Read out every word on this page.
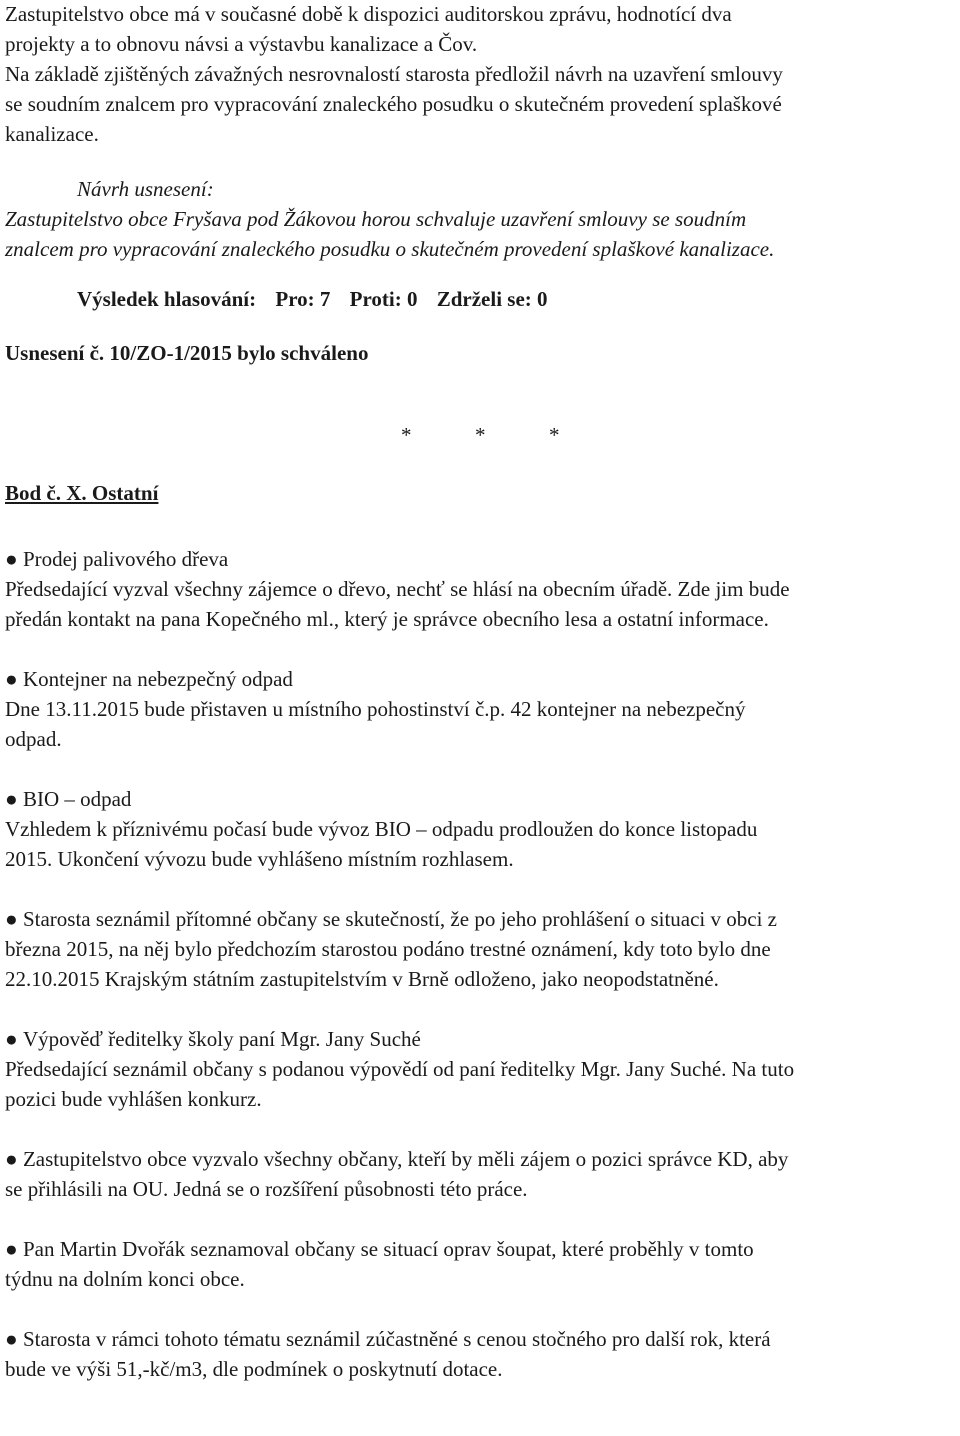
Zastupitelstvo obce má v současné době k dispozici auditorskou zprávu, hodnotící dva

projekty a to obnovu návsi a výstavbu kanalizace a Čov.

Na základě zjištěných závažných nesrovnalostí starosta předložil návrh na uzavření smlouvy

se soudním znalcem pro vypracování znaleckého posudku o skutečném provedení splaškové

kanalizace.

Návrh usnesení:

Zastupitelstvo obce Fryšava pod Žákovou horou schvaluje uzavření smlouvy se soudním

znalcem pro vypracování znaleckého posudku o skutečném provedení splaškové kanalizace.

Výsledek hlasování: Pro: 7 Proti: 0 Zdrželi se: 0

Usnesení č. 10/ZO-1/2015 bylo schváleno

*	*	*

Bod č. X. Ostatní

● Prodej palivového dřeva

Předsedající vyzval všechny zájemce o dřevo, nechť se hlásí na obecním úřadě. Zde jim bude

předán kontakt na pana Kopečného ml., který je správce obecního lesa a ostatní informace.

● Kontejner na nebezpečný odpad

Dne 13.11.2015 bude přistaven u místního pohostinství č.p. 42 kontejner na nebezpečný

odpad.

● BIO – odpad

Vzhledem k příznivému počasí bude vývoz BIO – odpadu prodloužen do konce listopadu

2015. Ukončení vývozu bude vyhlášeno místním rozhlasem.

● Starosta seznámil přítomné občany se skutečností, že po jeho prohlášení o situaci v obci z

března 2015, na něj bylo předchozím starostou podáno trestné oznámení, kdy toto bylo dne

22.10.2015 Krajským státním zastupitelstvím v Brně odloženo, jako neopodstatněné.

● Výpověď ředitelky školy paní Mgr. Jany Suché

Předsedající seznámil občany s podanou výpovědí od paní ředitelky Mgr. Jany Suché. Na tuto

pozici bude vyhlášen konkurz.

● Zastupitelstvo obce vyzvalo všechny občany, kteří by měli zájem o pozici správce KD, aby

se přihlásili na OU. Jedná se o rozšíření působnosti této práce.

● Pan Martin Dvořák seznamoval občany se situací oprav šoupat, které proběhly v tomto

týdnu na dolním konci obce.

● Starosta v rámci tohoto tématu seznámil zúčastněné s cenou stočného pro další rok, která

bude ve výši 51,-kč/m3, dle podmínek o poskytnutí dotace.
